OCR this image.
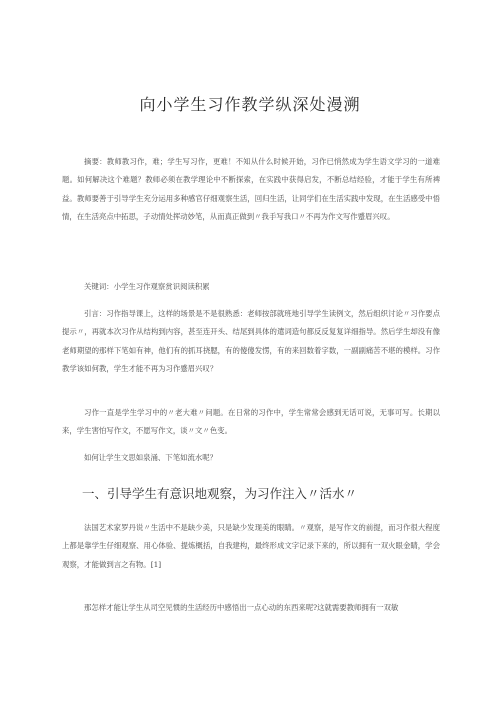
向小学生习作教学纵深处漫溯

摘要：教师教习作，难；学生写习作，更难！不知从什么时候开始，习作已悄然成为学生语文学习的一道难题。如何解决这个难题？教师必须在教学理论中不断探索，在实践中获得启发，不断总结经验，才能于学生有所裨益。教师要善于引导学生充分运用多种感官仔细观察生活，回归生活，让同学们在生活实践中发现，在生活感受中悟情，在生活亮点中拓思，子动情处挥动妙笔，从而真正做到〃我手写我口〃不再为作文写作蹙眉兴叹。

关键词：小学生习作观察赏识阅读积累

引言：习作指导课上，这样的场景是不是很熟悉：老师按部就班地引导学生读例文，然后组织讨论〃习作要点提示〃，再就本次习作从结构到内容，甚至连开头、结尾到具体的遣词造句都反反复复详细指导。然后学生却没有像老师期望的那样下笔如有神，他们有的抓耳挠腮，有的傻傻发愣，有的来回数着字数，一副副痛苦不堪的模样。习作教学该如何教，学生才能不再为习作蹙眉兴叹？

习作一直是学生学习中的〃老大难〃问题。在日常的习作中，学生常常会感到无话可说，无事可写。长期以来，学生害怕写作文，不愿写作文，谈〃文〃色变。

如何让学生文思如泉涌、下笔如流水呢？

一、引导学生有意识地观察，为习作注入〃活水〃

法国艺术家罗丹说〃生活中不是缺少美，只是缺少发现美的眼睛。〃观察，是写作文的前提，而习作很大程度上都是靠学生仔细观察、用心体验、提炼概括，自我建构，最终形成文字记录下来的，所以拥有一双火眼金睛，学会观察，才能做到言之有物。[1]

那怎样才能让学生从司空见惯的生活经历中感悟出一点心动的东西来呢?这就需要教师拥有一双敏
